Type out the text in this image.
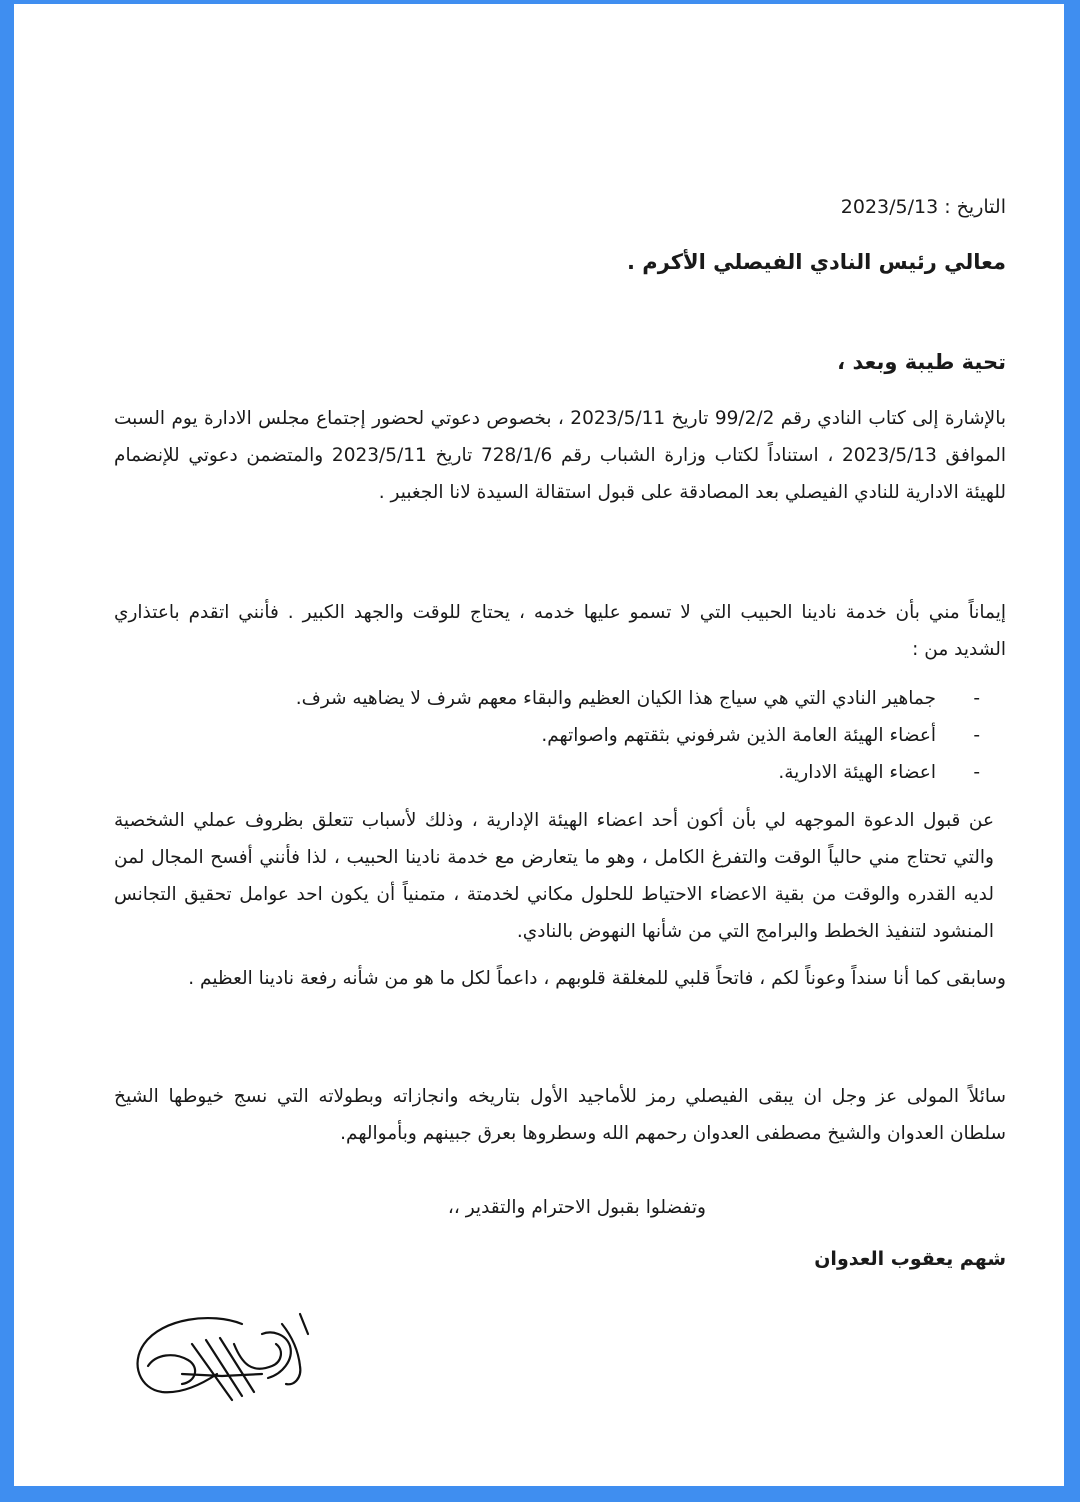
التاريخ : 2023/5/13
معالي رئيس النادي الفيصلي الأكرم .
تحية طيبة وبعد ،
بالإشارة إلى كتاب النادي رقم 99/2/2 تاريخ 2023/5/11 ، بخصوص دعوتي لحضور إجتماع مجلس الادارة يوم السبت الموافق 2023/5/13 ، استناداً لكتاب وزارة الشباب رقم 728/1/6 تاريخ 2023/5/11 والمتضمن دعوتي للإنضمام للهيئة الادارية للنادي الفيصلي بعد المصادقة على قبول استقالة السيدة لانا الجغبير .
إيماناً مني بأن خدمة نادينا الحبيب التي لا تسمو عليها خدمه ، يحتاج للوقت والجهد الكبير . فأنني اتقدم باعتذاري الشديد من :
-
جماهير النادي التي هي سياج هذا الكيان العظيم والبقاء معهم شرف لا يضاهيه شرف.
-
أعضاء الهيئة العامة الذين شرفوني بثقتهم واصواتهم.
-
اعضاء الهيئة الادارية.
عن قبول الدعوة الموجهه لي بأن أكون أحد اعضاء الهيئة الإدارية ، وذلك لأسباب تتعلق بظروف عملي الشخصية والتي تحتاج مني حالياً الوقت والتفرغ الكامل ، وهو ما يتعارض مع خدمة نادينا الحبيب ، لذا فأنني أفسح المجال لمن لديه القدره والوقت من بقية الاعضاء الاحتياط للحلول مكاني لخدمتة ، متمنياً أن يكون احد عوامل تحقيق التجانس المنشود لتنفيذ الخطط والبرامج التي من شأنها النهوض بالنادي.
وسابقى كما أنا سنداً وعوناً لكم ، فاتحاً قلبي للمغلقة قلوبهم ، داعماً لكل ما هو من شأنه رفعة نادينا العظيم .
سائلاً المولى عز وجل ان يبقى الفيصلي رمز للأماجيد الأول بتاريخه وانجازاته وبطولاته التي نسج خيوطها الشيخ سلطان العدوان والشيخ مصطفى العدوان رحمهم الله وسطروها بعرق جبينهم وبأموالهم.
وتفضلوا بقبول الاحترام والتقدير ،،
شهم يعقوب العدوان
